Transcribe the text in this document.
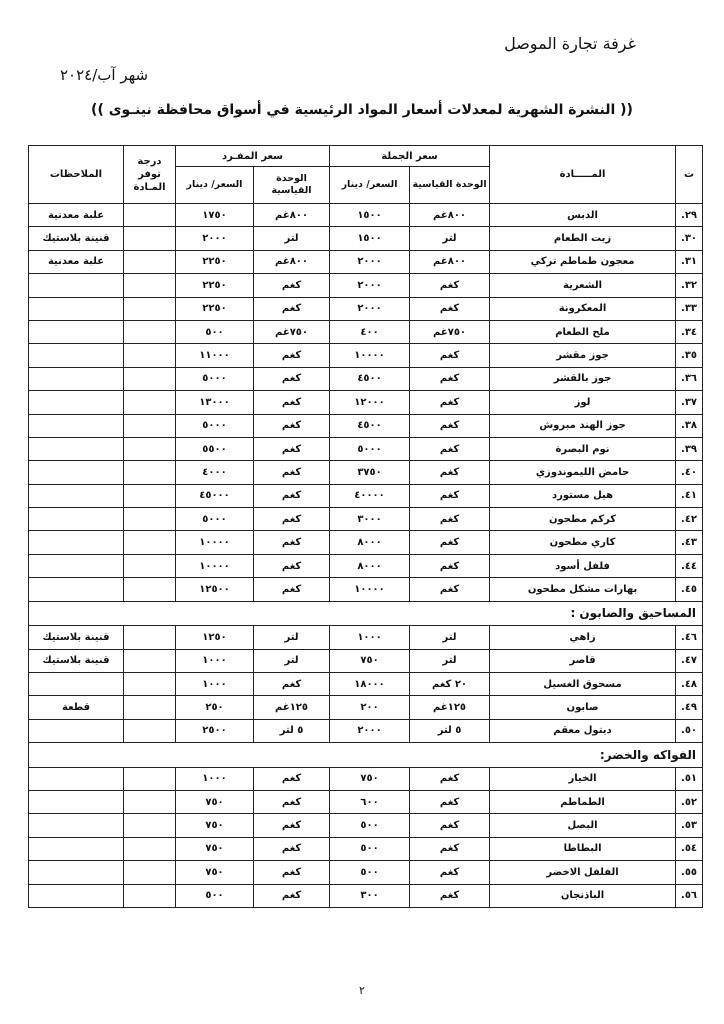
غرفة تجارة الموصل
شهر آب/٢٠٢٤
(( النشرة الشهرية لمعدلات أسعار المواد الرئيسية في أسواق محافظة نينـوى ))
ت	المـــــادة	سعر الجملة		سعر المفـرد		درجة توفر المـادة	الملاحظات
		الوحدة القياسية	السعر/ دينار	الوحدة القياسية	السعر/ دينار		
٢٩.	الدبس	٨٠٠غم	١٥٠٠	٨٠٠غم	١٧٥٠		علبة معدنية
٣٠.	زيت الطعام	لتر	١٥٠٠	لتر	٢٠٠٠		قنينة بلاستيك
٣١.	معجون طماطم تركي	٨٠٠غم	٢٠٠٠	٨٠٠غم	٢٢٥٠		علبة معدنية
٣٢.	الشعرية	كغم	٢٠٠٠	كغم	٢٢٥٠		
٣٣.	المعكرونة	كغم	٢٠٠٠	كغم	٢٢٥٠		
٣٤.	ملح الطعام	٧٥٠غم	٤٠٠	٧٥٠غم	٥٠٠		
٣٥.	جوز مقشر	كغم	١٠٠٠٠	كغم	١١٠٠٠		
٣٦.	جوز بالقشر	كغم	٤٥٠٠	كغم	٥٠٠٠		
٣٧.	لوز	كغم	١٢٠٠٠	كغم	١٣٠٠٠		
٣٨.	جوز الهند مبروش	كغم	٤٥٠٠	كغم	٥٠٠٠		
٣٩.	نوم البصرة	كغم	٥٠٠٠	كغم	٥٥٠٠		
٤٠.	حامض الليموندوزي	كغم	٣٧٥٠	كغم	٤٠٠٠		
٤١.	هيل مستورد	كغم	٤٠٠٠٠	كغم	٤٥٠٠٠		
٤٢.	كركم مطحون	كغم	٣٠٠٠	كغم	٥٠٠٠		
٤٣.	كاري مطحون	كغم	٨٠٠٠	كغم	١٠٠٠٠		
٤٤.	فلفل أسود	كغم	٨٠٠٠	كغم	١٠٠٠٠		
٤٥.	بهارات مشكل مطحون	كغم	١٠٠٠٠	كغم	١٢٥٠٠		
المساحيق والصابون :							
٤٦.	زاهي	لتر	١٠٠٠	لتر	١٢٥٠		قنينة بلاستيك
٤٧.	قاصر	لتر	٧٥٠	لتر	١٠٠٠		قنينة بلاستيك
٤٨.	مسحوق الغسيل	٢٠ كغم	١٨٠٠٠	كغم	١٠٠٠		
٤٩.	صابون	١٢٥غم	٢٠٠	١٢٥غم	٢٥٠		قطعة
٥٠.	ديتول معقم	٥ لتر	٢٠٠٠	٥ لتر	٢٥٠٠		
الفواكه والخضر:							
٥١.	الخيار	كغم	٧٥٠	كغم	١٠٠٠		
٥٢.	الطماطم	كغم	٦٠٠	كغم	٧٥٠		
٥٣.	البصل	كغم	٥٠٠	كغم	٧٥٠		
٥٤.	البطاطا	كغم	٥٠٠	كغم	٧٥٠		
٥٥.	الفلفل الاخضر	كغم	٥٠٠	كغم	٧٥٠		
٥٦.	الباذنجان	كغم	٣٠٠	كغم	٥٠٠		
٢
